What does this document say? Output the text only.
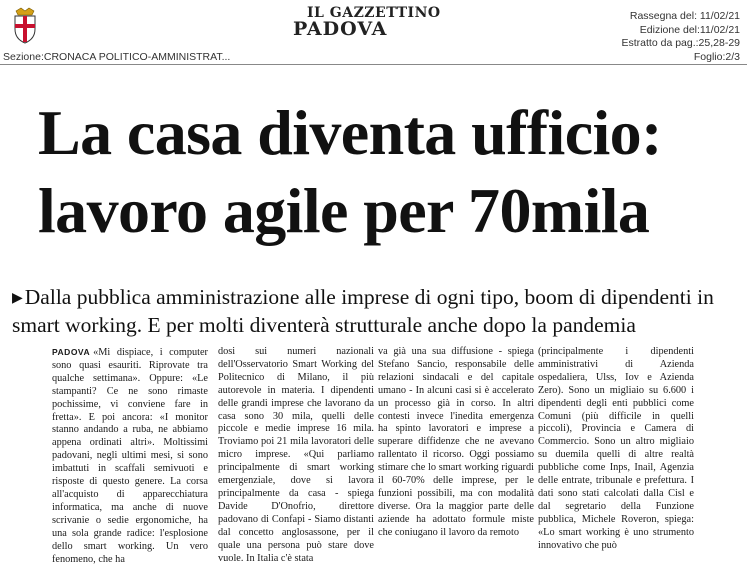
IL GAZZETTINO
PADOVA
Rassegna del: 11/02/21
Edizione del:11/02/21
Estratto da pag.:25,28-29
Foglio:2/3
Sezione:CRONACA POLITICO-AMMINISTRAT...
La casa diventa ufficio:
lavoro agile per 70mila
▶Dalla pubblica amministrazione alle imprese di ogni tipo, boom di dipendenti in smart working. E per molti diventerà strutturale anche dopo la pandemia
PADOVA «Mi dispiace, i computer sono quasi esauriti. Riprovate tra qualche settimana». Oppure: «Le stampanti? Ce ne sono rimaste pochissime, vi conviene fare in fretta». E poi ancora: «I monitor stanno andando a ruba, ne abbiamo appena ordinati altri». Moltissimi padovani, negli ultimi mesi, si sono imbattuti in scaffali semivuoti e risposte di questo genere. La corsa all'acquisto di apparecchiatura informatica, ma anche di nuove scrivanie o sedie ergonomiche, ha una sola grande radice: l'esplosione dello smart working. Un vero fenomeno, che ha
dosi sui numeri nazionali dell'Osservatorio Smart Working del Politecnico di Milano, il più autorevole in materia. I dipendenti delle grandi imprese che lavorano da casa sono 30 mila, quelli delle piccole e medie imprese 16 mila. Troviamo poi 21 mila lavoratori delle micro imprese. «Qui parliamo principalmente di smart working emergenziale, dove si lavora principalmente da casa - spiega Davide D'Onofrio, direttore padovano di Confapi - Siamo distanti dal concetto anglosassone, per il quale una persona può stare dove vuole. In Italia c'è stata
va già una sua diffusione - spiega Stefano Sancio, responsabile delle relazioni sindacali e del capitale umano - In alcuni casi si è accelerato un processo già in corso. In altri contesti invece l'inedita emergenza ha spinto lavoratori e imprese a superare diffidenze che ne avevano rallentato il ricorso. Oggi possiamo stimare che lo smart working riguardi il 60-70% delle imprese, per le funzioni possibili, ma con modalità diverse. Ora la maggior parte delle aziende ha adottato formule miste che coniugano il lavoro da remoto
(principalmente i dipendenti amministrativi di Azienda ospedaliera, Ulss, Iov e Azienda Zero). Sono un migliaio su 6.600 i dipendenti degli enti pubblici come Comuni (più difficile in quelli piccoli), Provincia e Camera di Commercio. Sono un altro migliaio su duemila quelli di altre realtà pubbliche come Inps, Inail, Agenzia delle entrate, tribunale e prefettura. I dati sono stati calcolati dalla Cisl e dal segretario della Funzione pubblica, Michele Roveron, spiega: «Lo smart working è uno strumento innovativo che può
